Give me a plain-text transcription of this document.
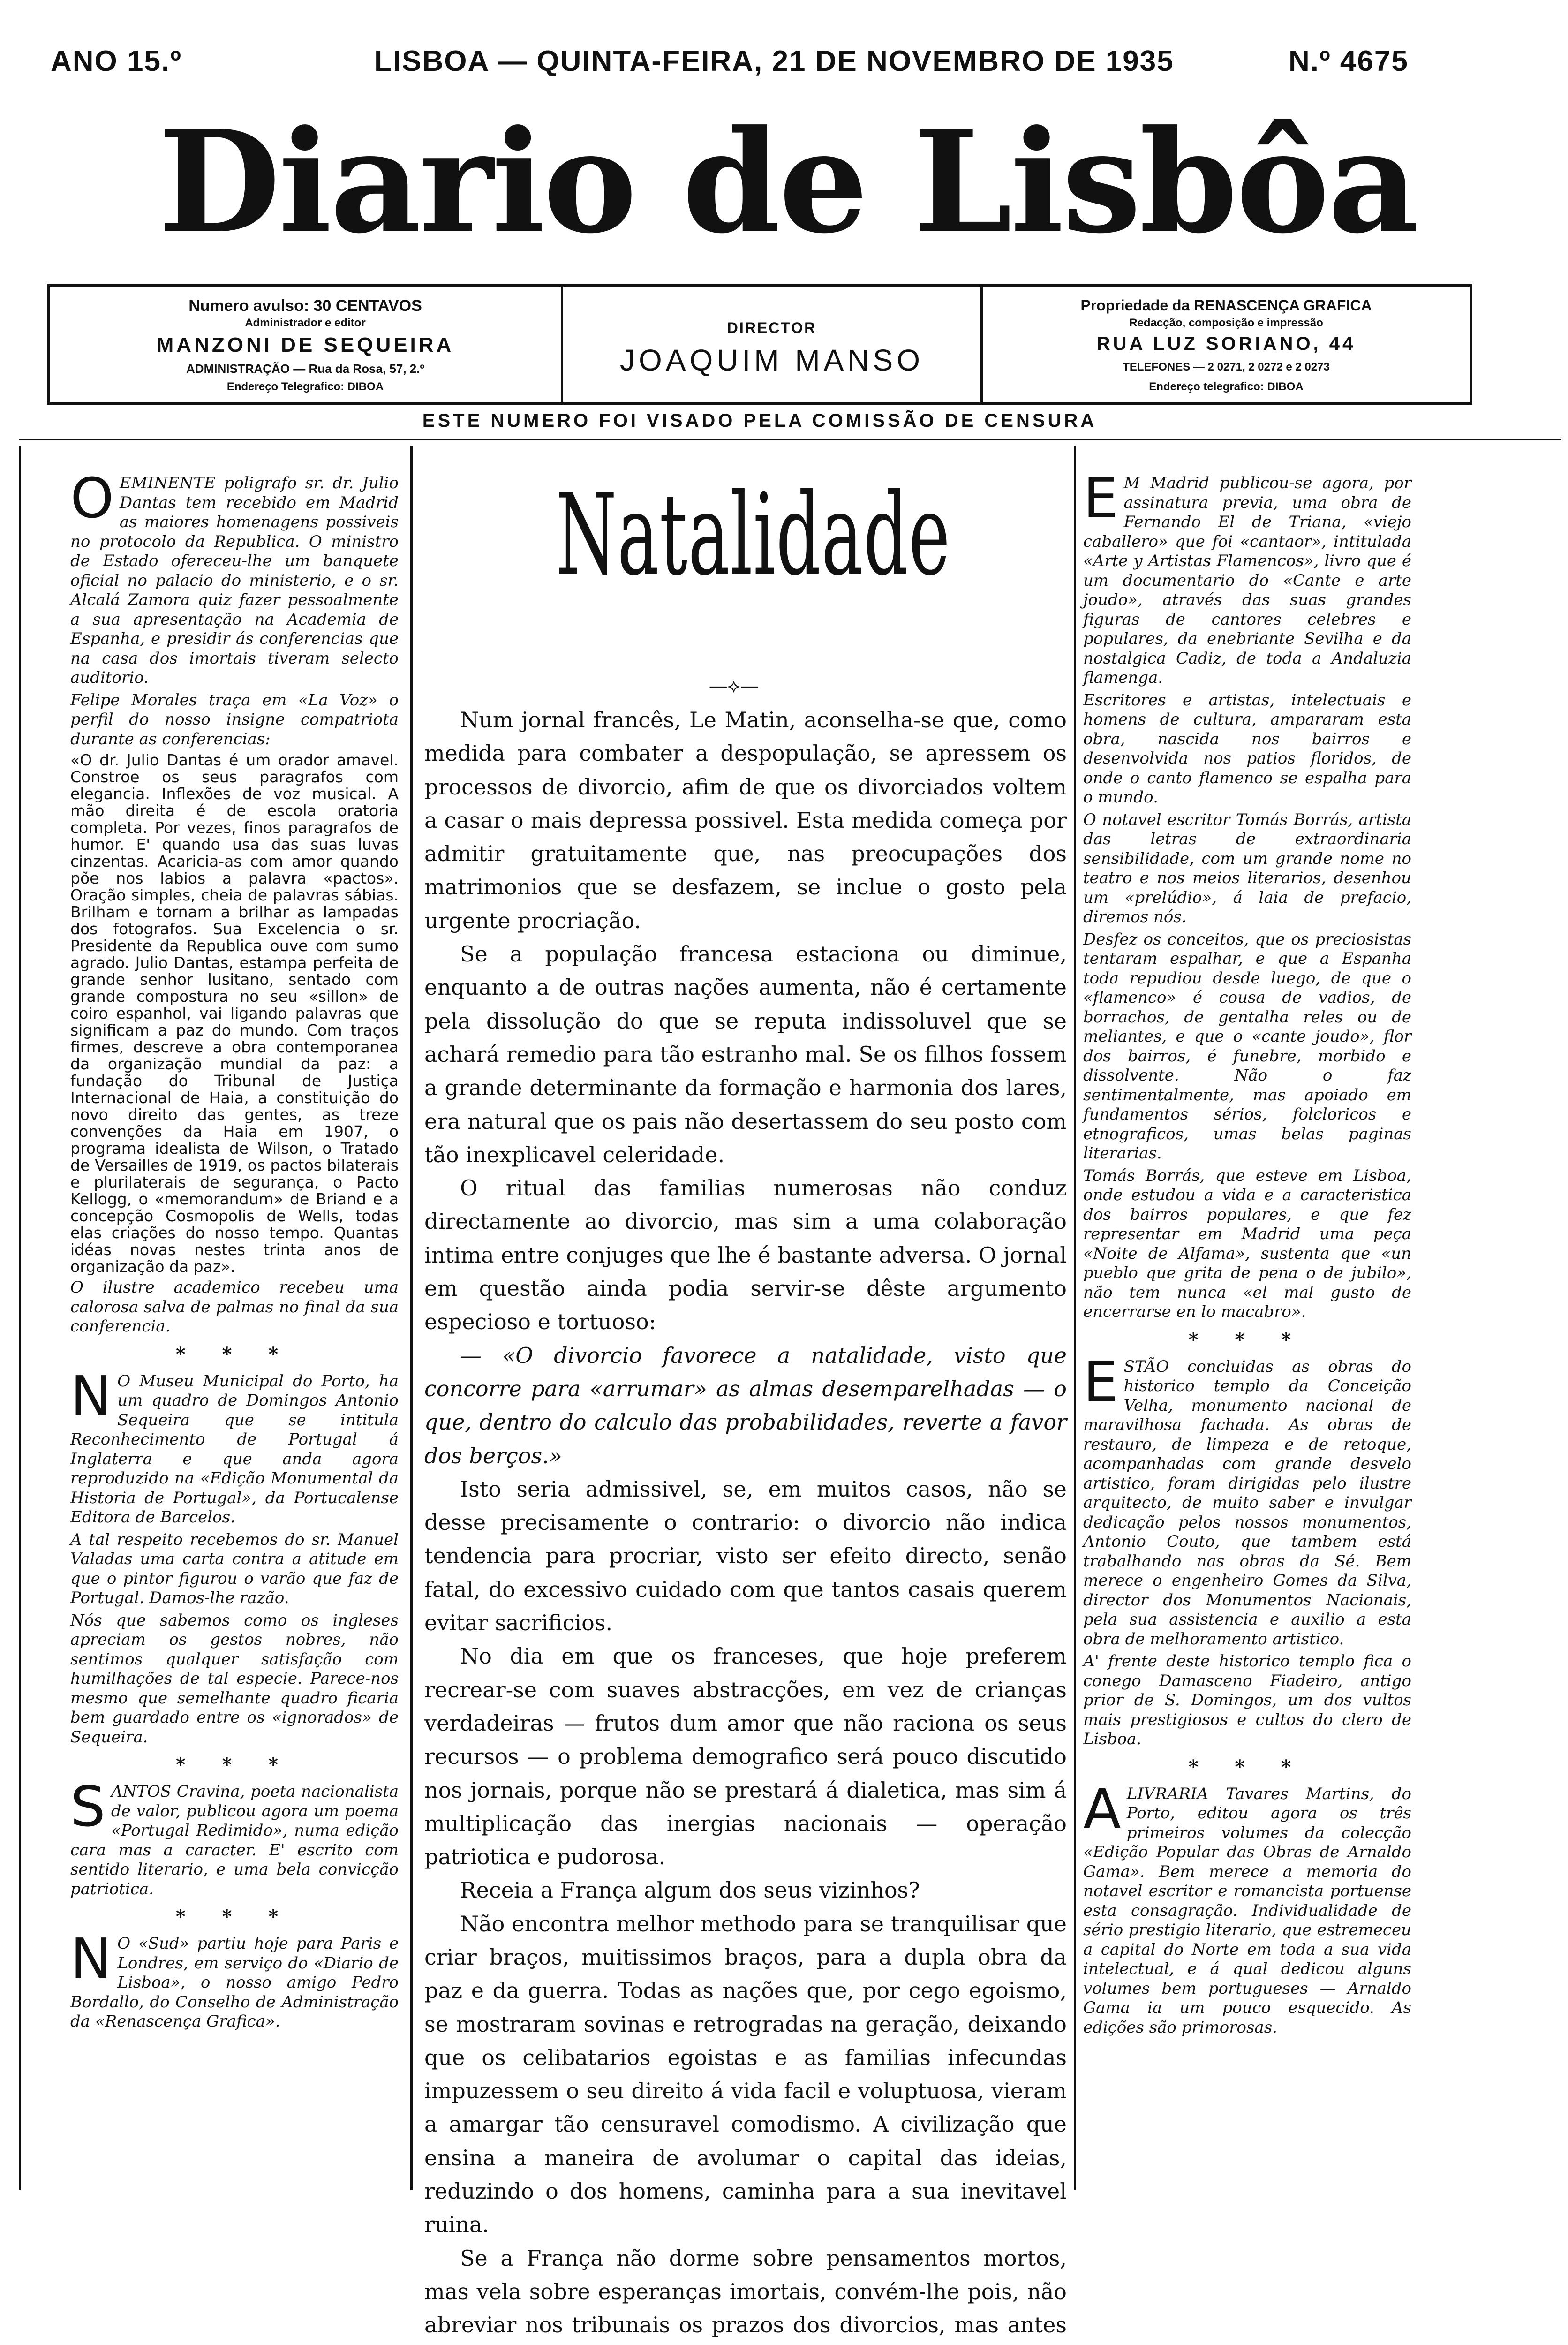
ANO 15.º	LISBOA — QUINTA-FEIRA, 21 DE NOVEMBRO DE 1935	N.º 4675
Diario de Lisbôa
Numero avulso: 30 CENTAVOS
Administrador e editor
MANZONI DE SEQUEIRA
ADMINISTRAÇÃO — Rua da Rosa, 57, 2.º
Endereço Telegrafico: DIBOA
DIRECTOR
JOAQUIM MANSO
Propriedade da RENASCENÇA GRAFICA
Redacção, composição e impressão
RUA LUZ SORIANO, 44
TELEFONES — 2 0271, 2 0272 e 2 0273
Endereço telegrafico: DIBOA
ESTE NUMERO FOI VISADO PELA COMISSÃO DE CENSURA
O EMINENTE poligrafo sr. dr. Julio Dantas tem recebido em Madrid as maiores homenagens possiveis no protocolo da Republica. O ministro de Estado ofereceu-lhe um banquete oficial no palacio do ministerio, e o sr. Alcalá Zamora quiz fazer pessoalmente a sua apresentação na Academia de Espanha, e presidir ás conferencias que na casa dos imortais tiveram selecto auditorio.

Felipe Morales traça em «La Voz» o perfil do nosso insigne compatriota durante as conferencias:

«O dr. Julio Dantas é um orador amavel. Constroe os seus paragrafos com elegancia. Inflexões de voz musical. A mão direita é de escola oratoria completa. Por vezes, finos paragrafos de humor. E' quando usa das suas luvas cinzentas. Acaricia-as com amor quando põe nos labios a palavra «pactos». Oração simples, cheia de palavras sábias. Brilham e tornam a brilhar as lampadas dos fotografos. Sua Excelencia o sr. Presidente da Republica ouve com sumo agrado. Julio Dantas, estampa perfeita de grande senhor lusitano, sentado com grande compostura no seu «sillon» de coiro espanhol, vai ligando palavras que significam a paz do mundo. Com traços firmes, descreve a obra contemporanea da organização mundial da paz: a fundação do Tribunal de Justiça Internacional de Haia, a constituição do novo direito das gentes, as treze convenções da Haia em 1907, o programa idealista de Wilson, o Tratado de Versailles de 1919, os pactos bilaterais e plurilaterais de segurança, o Pacto Kellogg, o «memorandum» de Briand e a concepção Cosmopolis de Wells, todas elas criações do nosso tempo. Quantas idéas novas nestes trinta anos de organização da paz».

O ilustre academico recebeu uma calorosa salva de palmas no final da sua conferencia.

* * *
N O Museu Municipal do Porto, ha um quadro de Domingos Antonio Sequeira que se intitula Reconhecimento de Portugal á Inglaterra e que anda agora reproduzido na «Edição Monumental da Historia de Portugal», da Portucalense Editora de Barcelos.

A tal respeito recebemos do sr. Manuel Valadas uma carta contra a atitude em que o pintor figurou o varão que faz de Portugal. Damos-lhe razão.

Nós que sabemos como os ingleses apreciam os gestos nobres, não sentimos qualquer satisfação com humilhações de tal especie. Parece-nos mesmo que semelhante quadro ficaria bem guardado entre os «ignorados» de Sequeira.

* * *
S ANTOS Cravina, poeta nacionalista de valor, publicou agora um poema «Portugal Redimido», numa edição cara mas a caracter. E' escrito com sentido literario, e uma bela convicção patriotica.

* * *
N O «Sud» partiu hoje para Paris e Londres, em serviço do «Diario de Lisboa», o nosso amigo Pedro Bordallo, do Conselho de Administração da «Renascença Grafica».

Natalidade
—⟡—

Num jornal francês, Le Matin, aconselha-se que, como medida para combater a despopulação, se apressem os processos de divorcio, afim de que os divorciados voltem a casar o mais depressa possivel. Esta medida começa por admitir gratuitamente que, nas preocupações dos matrimonios que se desfazem, se inclue o gosto pela urgente procriação.

Se a população francesa estaciona ou diminue, enquanto a de outras nações aumenta, não é certamente pela dissolução do que se reputa indissoluvel que se achará remedio para tão estranho mal. Se os filhos fossem a grande determinante da formação e harmonia dos lares, era natural que os pais não desertassem do seu posto com tão inexplicavel celeridade.

O ritual das familias numerosas não conduz directamente ao divorcio, mas sim a uma colaboração intima entre conjuges que lhe é bastante adversa. O jornal em questão ainda podia servir-se dêste argumento especioso e tortuoso:

— «O divorcio favorece a natalidade, visto que concorre para «arrumar» as almas desemparelhadas — o que, dentro do calculo das probabilidades, reverte a favor dos berços.»

Isto seria admissivel, se, em muitos casos, não se desse precisamente o contrario: o divorcio não indica tendencia para procriar, visto ser efeito directo, senão fatal, do excessivo cuidado com que tantos casais querem evitar sacrificios.

No dia em que os franceses, que hoje preferem recrear-se com suaves abstracções, em vez de crianças verdadeiras — frutos dum amor que não raciona os seus recursos — o problema demografico será pouco discutido nos jornais, porque não se prestará á dialetica, mas sim á multiplicação das inergias nacionais — operação patriotica e pudorosa.

Receia a França algum dos seus vizinhos?

Não encontra melhor methodo para se tranquilisar que criar braços, muitissimos braços, para a dupla obra da paz e da guerra. Todas as nações que, por cego egoismo, se mostraram sovinas e retrogradas na geração, deixando que os celibatarios egoistas e as familias infecundas impuzessem o seu direito á vida facil e voluptuosa, vieram a amargar tão censuravel comodismo. A civilização que ensina a maneira de avolumar o capital das ideias, reduzindo o dos homens, caminha para a sua inevitavel ruina.

Se a França não dorme sobre pensamentos mortos, mas vela sobre esperanças imortais, convém-lhe pois, não abreviar nos tribunais os prazos dos divorcios, mas antes

E M Madrid publicou-se agora, por assinatura previa, uma obra de Fernando El de Triana, «viejo caballero» que foi «cantaor», intitulada «Arte y Artistas Flamencos», livro que é um documentario do «Cante e arte joudo», através das suas grandes figuras de cantores celebres e populares, da enebriante Sevilha e da nostalgica Cadiz, de toda a Andaluzia flamenga.

Escritores e artistas, intelectuais e homens de cultura, ampararam esta obra, nascida nos bairros e desenvolvida nos patios floridos, de onde o canto flamenco se espalha para o mundo.

O notavel escritor Tomás Borrás, artista das letras de extraordinaria sensibilidade, com um grande nome no teatro e nos meios literarios, desenhou um «prelúdio», á laia de prefacio, diremos nós.

Desfez os conceitos, que os preciosistas tentaram espalhar, e que a Espanha toda repudiou desde luego, de que o «flamenco» é cousa de vadios, de borrachos, de gentalha reles ou de meliantes, e que o «cante joudo», flor dos bairros, é funebre, morbido e dissolvente. Não o faz sentimentalmente, mas apoiado em fundamentos sérios, folcloricos e etnograficos, umas belas paginas literarias.

Tomás Borrás, que esteve em Lisboa, onde estudou a vida e a caracteristica dos bairros populares, e que fez representar em Madrid uma peça «Noite de Alfama», sustenta que «un pueblo que grita de pena o de jubilo», não tem nunca «el mal gusto de encerrarse en lo macabro».

* * *
E STÃO concluidas as obras do historico templo da Conceição Velha, monumento nacional de maravilhosa fachada. As obras de restauro, de limpeza e de retoque, acompanhadas com grande desvelo artistico, foram dirigidas pelo ilustre arquitecto, de muito saber e invulgar dedicação pelos nossos monumentos, Antonio Couto, que tambem está trabalhando nas obras da Sé. Bem merece o engenheiro Gomes da Silva, director dos Monumentos Nacionais, pela sua assistencia e auxilio a esta obra de melhoramento artistico.

A' frente deste historico templo fica o conego Damasceno Fiadeiro, antigo prior de S. Domingos, um dos vultos mais prestigiosos e cultos do clero de Lisboa.

* * *
A LIVRARIA Tavares Martins, do Porto, editou agora os três primeiros volumes da colecção «Edição Popular das Obras de Arnaldo Gama». Bem merece a memoria do notavel escritor e romancista portuense esta consagração. Individualidade de sério prestigio literario, que estremeceu a capital do Norte em toda a sua vida intelectual, e á qual dedicou alguns volumes bem portugueses — Arnaldo Gama ia um pouco esquecido. As edições são primorosas.
